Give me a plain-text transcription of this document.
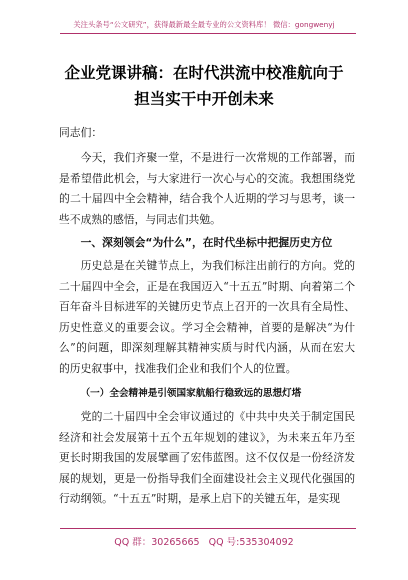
关注头条号“公文研究”，获得最新最全最专业的公文资料库！ 微信：gongwenyj
企业党课讲稿：在时代洪流中校准航向于
担当实干中开创未来
同志们：

今天，我们齐聚一堂，不是进行一次常规的工作部署，而是希望借此机会，与大家进行一次心与心的交流。我想围绕党的二十届四中全会精神，结合我个人近期的学习与思考，谈一些不成熟的感悟，与同志们共勉。

一、深刻领会“为什么”，在时代坐标中把握历史方位

历史总是在关键节点上，为我们标注出前行的方向。党的二十届四中全会，正是在我国迈入“十五五”时期、向着第二个百年奋斗目标进军的关键历史节点上召开的一次具有全局性、历史性意义的重要会议。学习全会精神，首要的是解决“为什么”的问题，即深刻理解其精神实质与时代内涵，从而在宏大的历史叙事中，找准我们企业和我们个人的位置。

（一）全会精神是引领国家航船行稳致远的思想灯塔

党的二十届四中全会审议通过的《中共中央关于制定国民经济和社会发展第十五个五年规划的建议》，为未来五年乃至更长时期我国的发展擘画了宏伟蓝图。这不仅仅是一份经济发展的规划，更是一份指导我们全面建设社会主义现代化强国的行动纲领。“十五五”时期，是承上启下的关键五年，是实现

QQ 群：30265665 QQ 号:535304092
